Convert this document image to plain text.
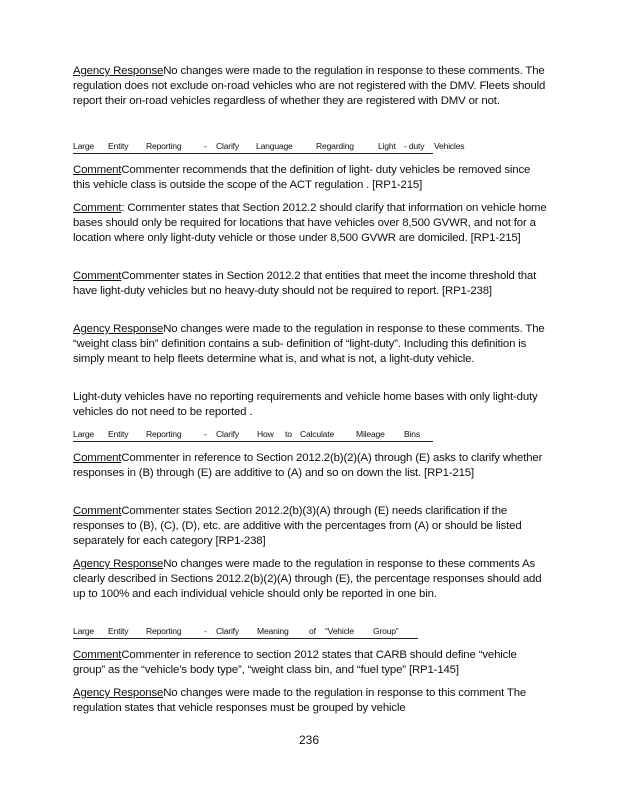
Agency ResponseNo changes were made to the regulation in response to these comments. The regulation does not exclude on-road vehicles who are not registered with the DMV. Fleets should report their on-road vehicles regardless of whether they are registered with DMV or not.

Large Entity Reporting	- Clarify Language	Regarding	Light - duty Vehicles

CommentCommenter recommends that the definition of light- duty vehicles be removed since this vehicle class is outside the scope of the ACT regulation . [RP1-215]

Comment: Commenter states that Section 2012.2 should clarify that information on vehicle home bases should only be required for locations that have vehicles over 8,500 GVWR, and not for a location where only light-duty vehicle or those under 8,500 GVWR are domiciled. [RP1-215]

CommentCommenter states in Section 2012.2 that entities that meet the income threshold that have light-duty vehicles but no heavy-duty should not be required to report. [RP1-238]

Agency ResponseNo changes were made to the regulation in response to these comments. The “weight class bin” definition contains a sub- definition of “light-duty”. Including this definition is simply meant to help fleets determine what is, and what is not, a light-duty vehicle.

Light-duty vehicles have no reporting requirements and vehicle home bases with only light-duty vehicles do not need to be reported .

Large Entity Reporting	- Clarify How to Calculate	Mileage Bins

CommentCommenter in reference to Section 2012.2(b)(2)(A) through (E) asks to clarify whether responses in (B) through (E) are additive to (A) and so on down the list. [RP1-215]

CommentCommenter states Section 2012.2(b)(3)(A) through (E) needs clarification if the responses to (B), (C), (D), etc. are additive with the percentages from (A) or should be listed separately for each category [RP1-238]

Agency ResponseNo changes were made to the regulation in response to these comments As clearly described in Sections 2012.2(b)(2)(A) through (E), the percentage responses should add up to 100% and each individual vehicle should only be reported in one bin.

Large Entity Reporting	- Clarify Meaning of “Vehicle Group”

CommentCommenter in reference to section 2012 states that CARB should define “vehicle group” as the “vehicle’s body type”, “weight class bin, and “fuel type” [RP1-145]

Agency ResponseNo changes were made to the regulation in response to this comment The regulation states that vehicle responses must be grouped by vehicle

236
